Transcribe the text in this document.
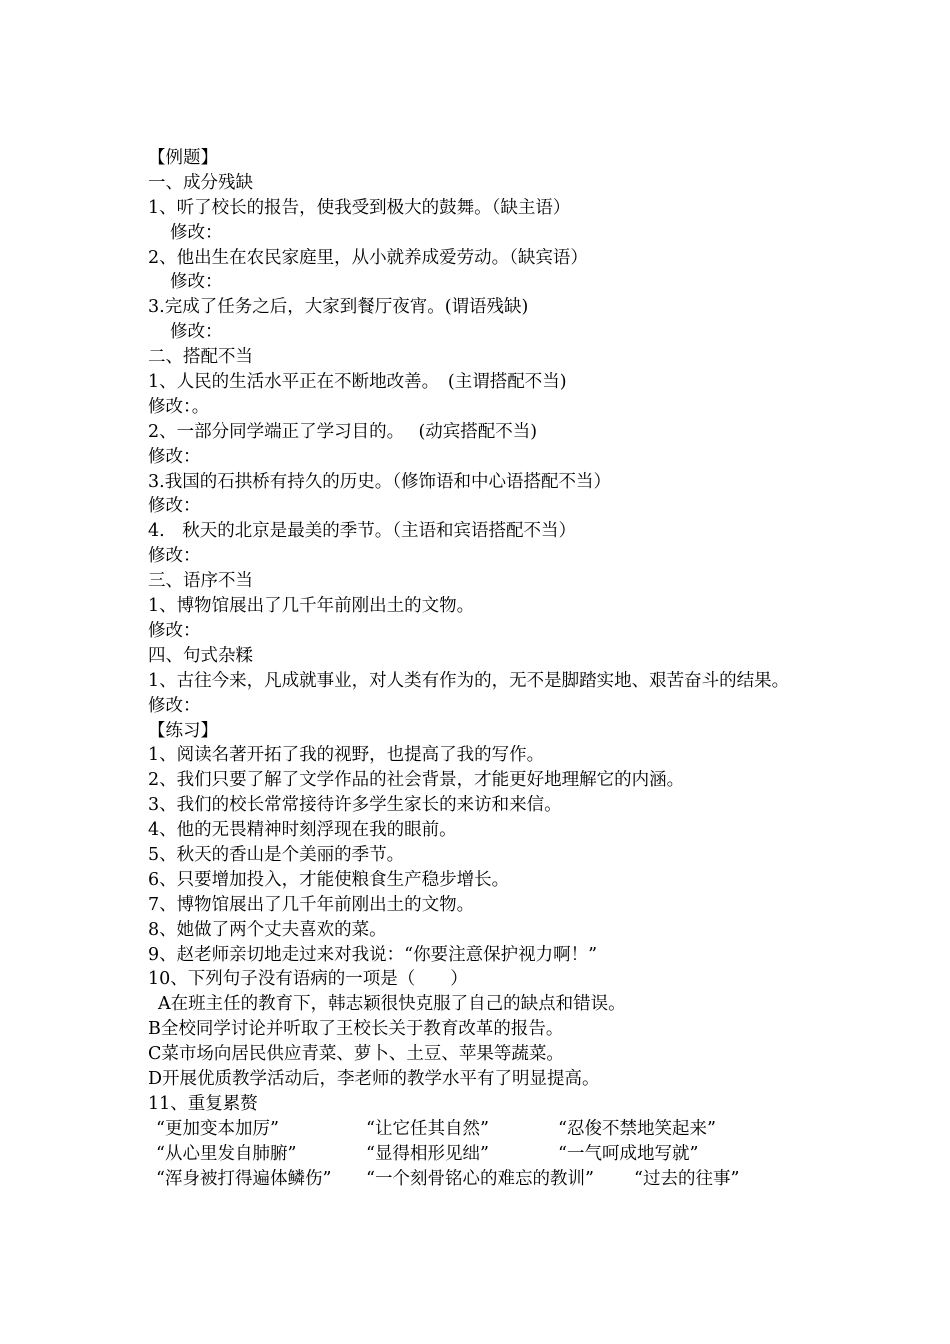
【例题】
一、成分残缺
1、听了校长的报告，使我受到极大的鼓舞。（缺主语）
修改：
2、他出生在农民家庭里，从小就养成爱劳动。（缺宾语）
修改：
3.完成了任务之后，大家到餐厅夜宵。(谓语残缺)
修改：
二、搭配不当
1、人民的生活水平正在不断地改善。　(主谓搭配不当)
修改：。
2、一部分同学端正了学习目的。　 (动宾搭配不当)
修改：
3.我国的石拱桥有持久的历史。（修饰语和中心语搭配不当）
修改：
4.　秋天的北京是最美的季节。（主语和宾语搭配不当）
修改：
三、语序不当
1、博物馆展出了几千年前刚出土的文物。
修改：
四、句式杂糅
1、古往今来，凡成就事业，对人类有作为的，无不是脚踏实地、艰苦奋斗的结果。
修改：
【练习】
1、阅读名著开拓了我的视野，也提高了我的写作。
2、我们只要了解了文学作品的社会背景，才能更好地理解它的内涵。
3、我们的校长常常接待许多学生家长的来访和来信。
4、他的无畏精神时刻浮现在我的眼前。
5、秋天的香山是个美丽的季节。
6、只要增加投入，才能使粮食生产稳步增长。
7、博物馆展出了几千年前刚出土的文物。
8、她做了两个丈夫喜欢的菜。
9、赵老师亲切地走过来对我说：“你要注意保护视力啊！”
10、下列句子没有语病的一项是（　　）
A在班主任的教育下，韩志颖很快克服了自己的缺点和错误。
B全校同学讨论并听取了王校长关于教育改革的报告。
C菜市场向居民供应青菜、萝卜、土豆、苹果等蔬菜。
D开展优质教学活动后，李老师的教学水平有了明显提高。
11、重复累赘
“更加变本加厉”	“让它任其自然”	“忍俊不禁地笑起来”
“从心里发自肺腑”	“显得相形见绌”	“一气呵成地写就”
“浑身被打得遍体鳞伤” “一个刻骨铭心的难忘的教训” “过去的往事”
